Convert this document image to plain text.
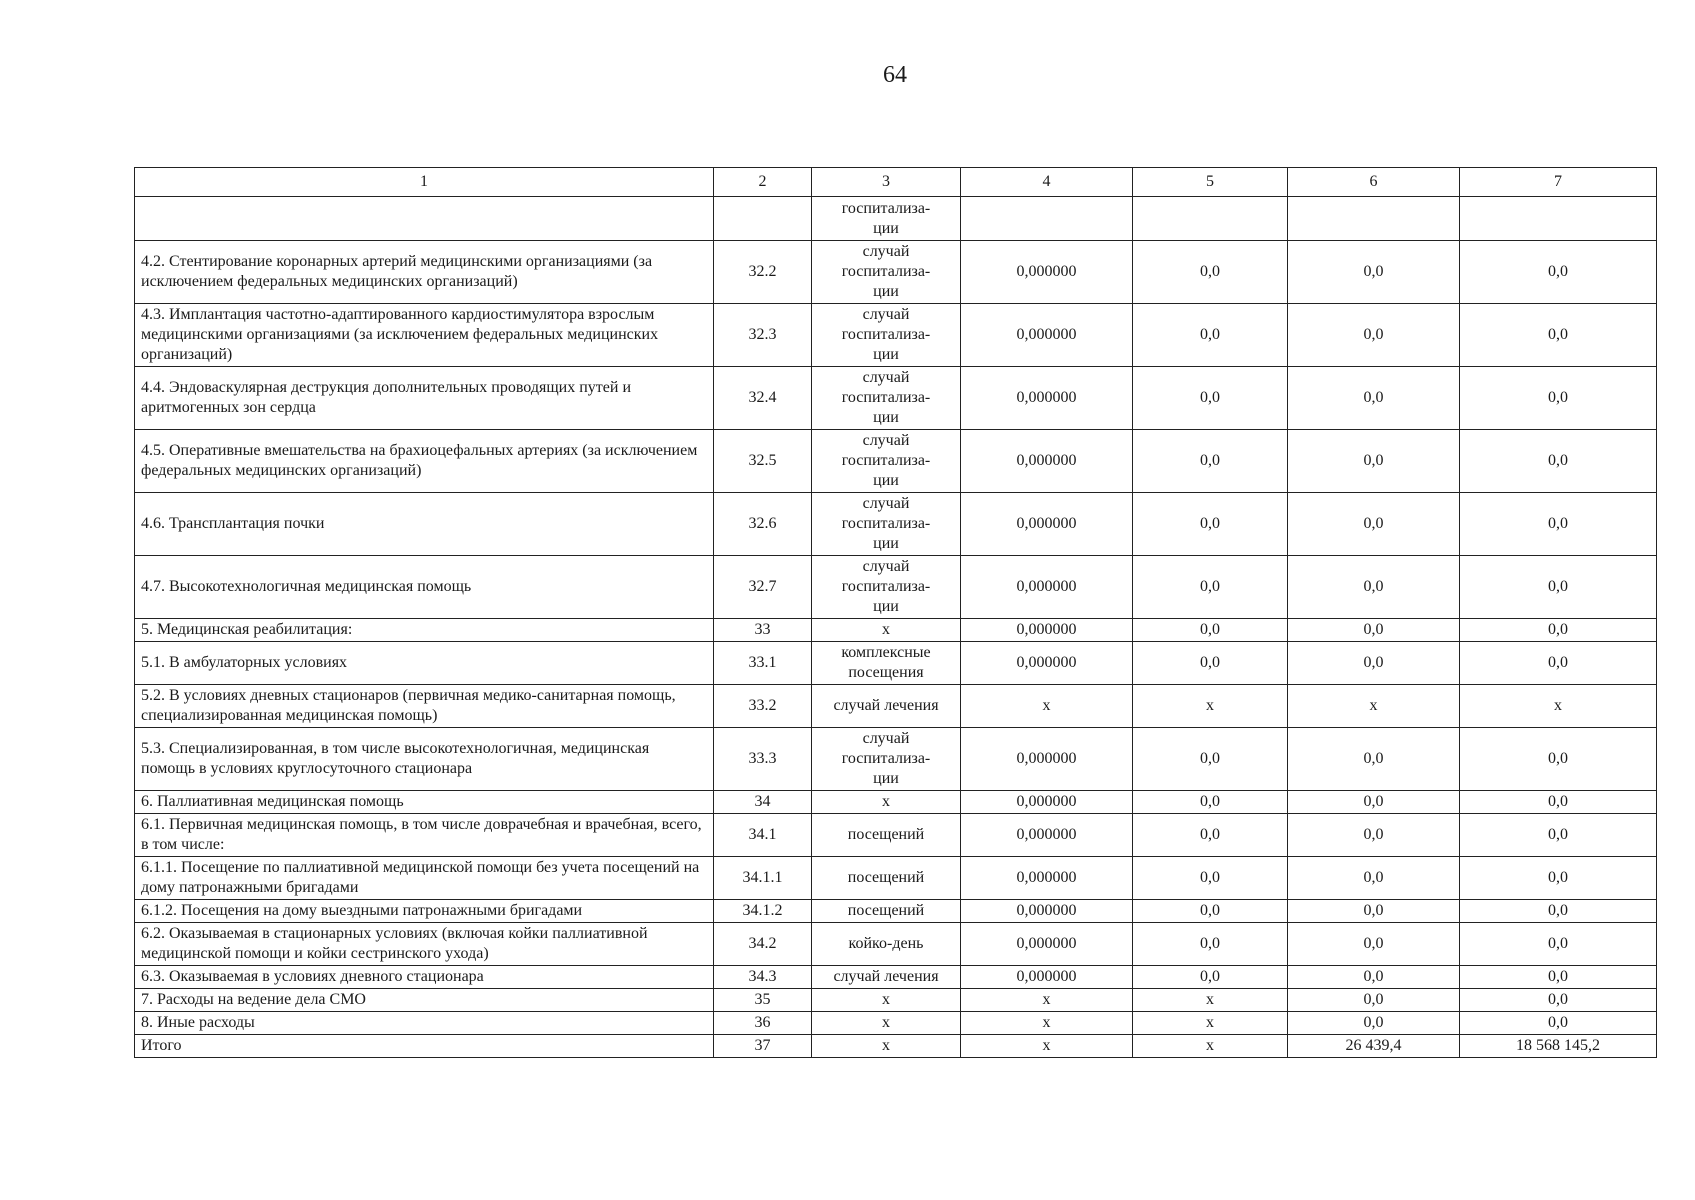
64
1	2	3	4	5	6	7
		госпитализа-
ции				
4.2. Стентирование коронарных артерий медицинскими организациями (за исключением федеральных медицинских организаций)	32.2	случай госпитализа-
ции	0,000000	0,0	0,0	0,0
4.3. Имплантация частотно-адаптированного кардиостимулятора взрослым медицинскими организациями (за исключением федеральных медицинских организаций)	32.3	случай госпитализа-
ции	0,000000	0,0	0,0	0,0
4.4. Эндоваскулярная деструкция дополнительных проводящих путей и аритмогенных зон сердца	32.4	случай госпитализа-
ции	0,000000	0,0	0,0	0,0
4.5. Оперативные вмешательства на брахиоцефальных артериях (за исключением федеральных медицинских организаций)	32.5	случай госпитализа-
ции	0,000000	0,0	0,0	0,0
4.6. Трансплантация почки	32.6	случай госпитализа-
ции	0,000000	0,0	0,0	0,0
4.7. Высокотехнологичная медицинская помощь	32.7	случай госпитализа-
ции	0,000000	0,0	0,0	0,0
5. Медицинская реабилитация:	33	х	0,000000	0,0	0,0	0,0
5.1. В амбулаторных условиях	33.1	комплексные посещения	0,000000	0,0	0,0	0,0
5.2. В условиях дневных стационаров (первичная медико-санитарная помощь, специализированная медицинская помощь)	33.2	случай лечения	х	х	х	х
5.3. Специализированная, в том числе высокотехнологичная, медицинская помощь в условиях круглосуточного стационара	33.3	случай госпитализа-
ции	0,000000	0,0	0,0	0,0
6. Паллиативная медицинская помощь	34	х	0,000000	0,0	0,0	0,0
6.1. Первичная медицинская помощь, в том числе доврачебная и врачебная, всего, в том числе:	34.1	посещений	0,000000	0,0	0,0	0,0
6.1.1. Посещение по паллиативной медицинской помощи без учета посещений на дому патронажными бригадами	34.1.1	посещений	0,000000	0,0	0,0	0,0
6.1.2. Посещения на дому выездными патронажными бригадами	34.1.2	посещений	0,000000	0,0	0,0	0,0
6.2. Оказываемая в стационарных условиях (включая койки паллиативной медицинской помощи и койки сестринского ухода)	34.2	койко-день	0,000000	0,0	0,0	0,0
6.3. Оказываемая в условиях дневного стационара	34.3	случай лечения	0,000000	0,0	0,0	0,0
7. Расходы на ведение дела СМО	35	х	х	х	0,0	0,0
8. Иные расходы	36	х	х	х	0,0	0,0
Итого	37	х	х	х	26 439,4	18 568 145,2
